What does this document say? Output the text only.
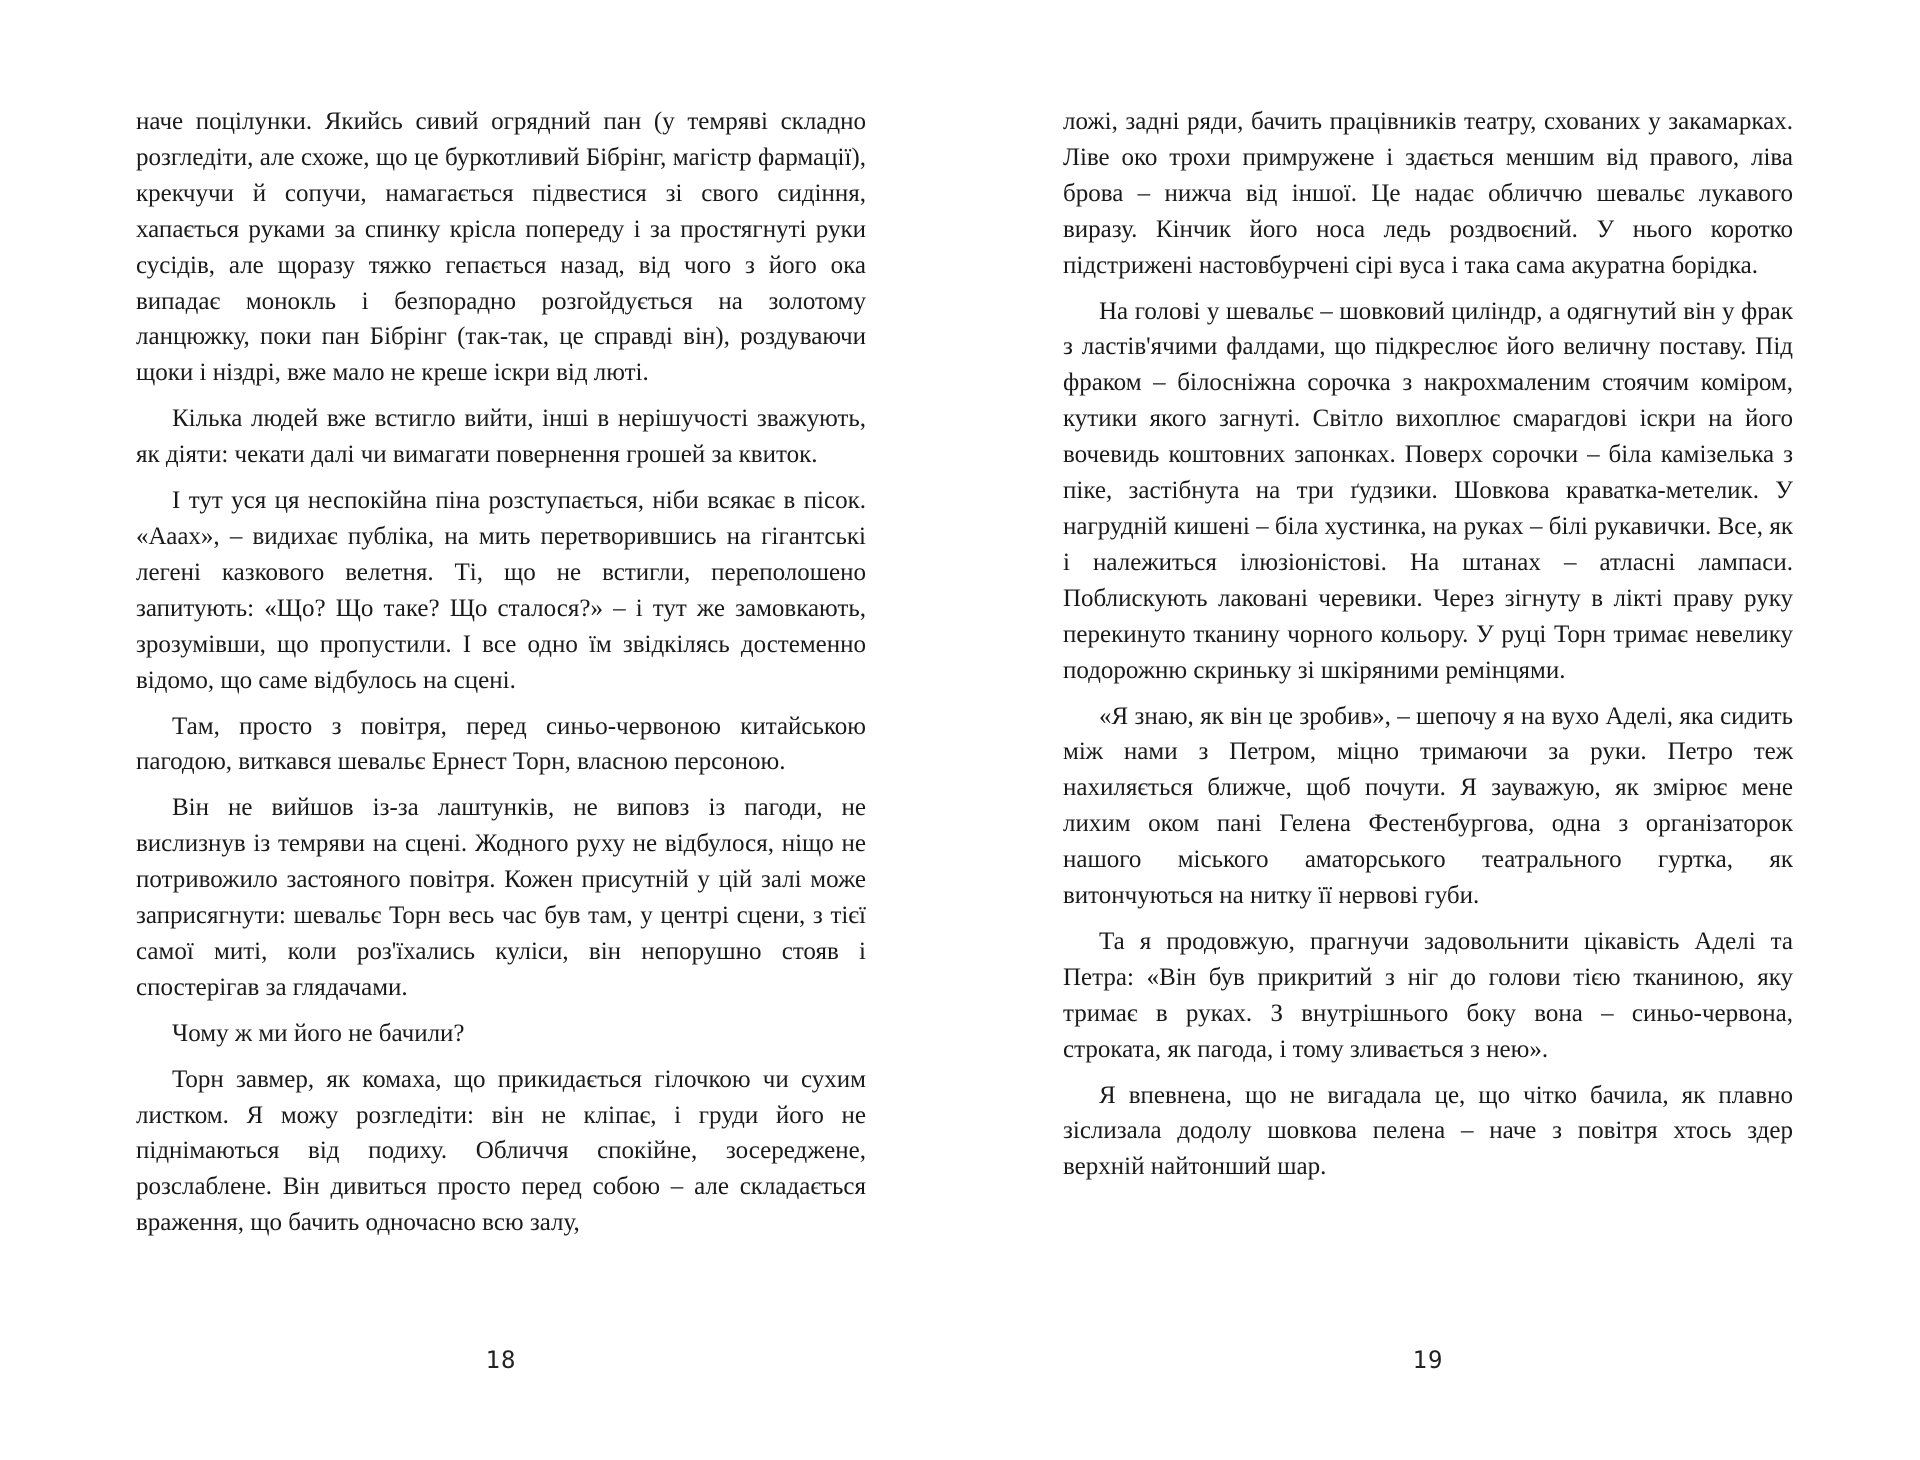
наче поцілунки. Якийсь сивий огрядний пан (у темряві складно розгледіти, але схоже, що це буркотливий Бібрінг, магістр фармації), крекчучи й сопучи, намагається підвестися зі свого сидіння, хапається руками за спинку крісла попереду і за простягнуті руки сусідів, але щоразу тяжко гепається назад, від чого з його ока випадає монокль і безпорадно розгойдується на золотому ланцюжку, поки пан Бібрінг (так-так, це справді він), роздуваючи щоки і ніздрі, вже мало не креше іскри від люті.

Кілька людей вже встигло вийти, інші в нерішучості зважують, як діяти: чекати далі чи вимагати повернення грошей за квиток.

І тут уся ця неспокійна піна розступається, ніби всякає в пісок. «Ааах», – видихає публіка, на мить перетворившись на гігантські легені казкового велетня. Ті, що не встигли, переполошено запитують: «Що? Що таке? Що сталося?» – і тут же замовкають, зрозумівши, що пропустили. І все одно їм звідкілясь достеменно відомо, що саме відбулось на сцені.

Там, просто з повітря, перед синьо-червоною китайською пагодою, виткався шевальє Ернест Торн, власною персоною.

Він не вийшов із-за лаштунків, не виповз із пагоди, не вислизнув із темряви на сцені. Жодного руху не відбулося, ніщо не потривожило застояного повітря. Кожен присутній у цій залі може заприсягнути: шевальє Торн весь час був там, у центрі сцени, з тієї самої миті, коли роз'їхались куліси, він непорушно стояв і спостерігав за глядачами.

Чому ж ми його не бачили?

Торн завмер, як комаха, що прикидається гілочкою чи сухим листком. Я можу розгледіти: він не кліпає, і груди його не піднімаються від подиху. Обличчя спокійне, зосереджене, розслаблене. Він дивиться просто перед собою – але складається враження, що бачить одночасно всю залу,

ложі, задні ряди, бачить працівників театру, схованих у закамарках. Ліве око трохи примружене і здається меншим від правого, ліва брова – нижча від іншої. Це надає обличчю шевальє лукавого виразу. Кінчик його носа ледь роздвоєний. У нього коротко підстрижені настовбурчені сірі вуса і така сама акуратна борідка.

На голові у шевальє – шовковий циліндр, а одягнутий він у фрак з ластів'ячими фалдами, що підкреслює його величну поставу. Під фраком – білосніжна сорочка з накрохмаленим стоячим коміром, кутики якого загнуті. Світло вихоплює смарагдові іскри на його вочевидь коштовних запонках. Поверх сорочки – біла камізелька з піке, застібнута на три ґудзики. Шовкова краватка-метелик. У нагрудній кишені – біла хустинка, на руках – білі рукавички. Все, як і належиться ілюзіоністові. На штанах – атласні лампаси. Поблискують лаковані черевики. Через зігнуту в лікті праву руку перекинуто тканину чорного кольору. У руці Торн тримає невелику подорожню скриньку зі шкіряними ремінцями.

«Я знаю, як він це зробив», – шепочу я на вухо Аделі, яка сидить між нами з Петром, міцно тримаючи за руки. Петро теж нахиляється ближче, щоб почути. Я зауважую, як змірює мене лихим оком пані Гелена Фестенбургова, одна з організаторок нашого міського аматорського театрального гуртка, як витончуються на нитку її нервові губи.

Та я продовжую, прагнучи задовольнити цікавість Аделі та Петра: «Він був прикритий з ніг до голови тією тканиною, яку тримає в руках. З внутрішнього боку вона – синьо-червона, строката, як пагода, і тому зливається з нею».

Я впевнена, що не вигадала це, що чітко бачила, як плавно зіслизала додолу шовкова пелена – наче з повітря хтось здер верхній найтонший шар.

18	19
